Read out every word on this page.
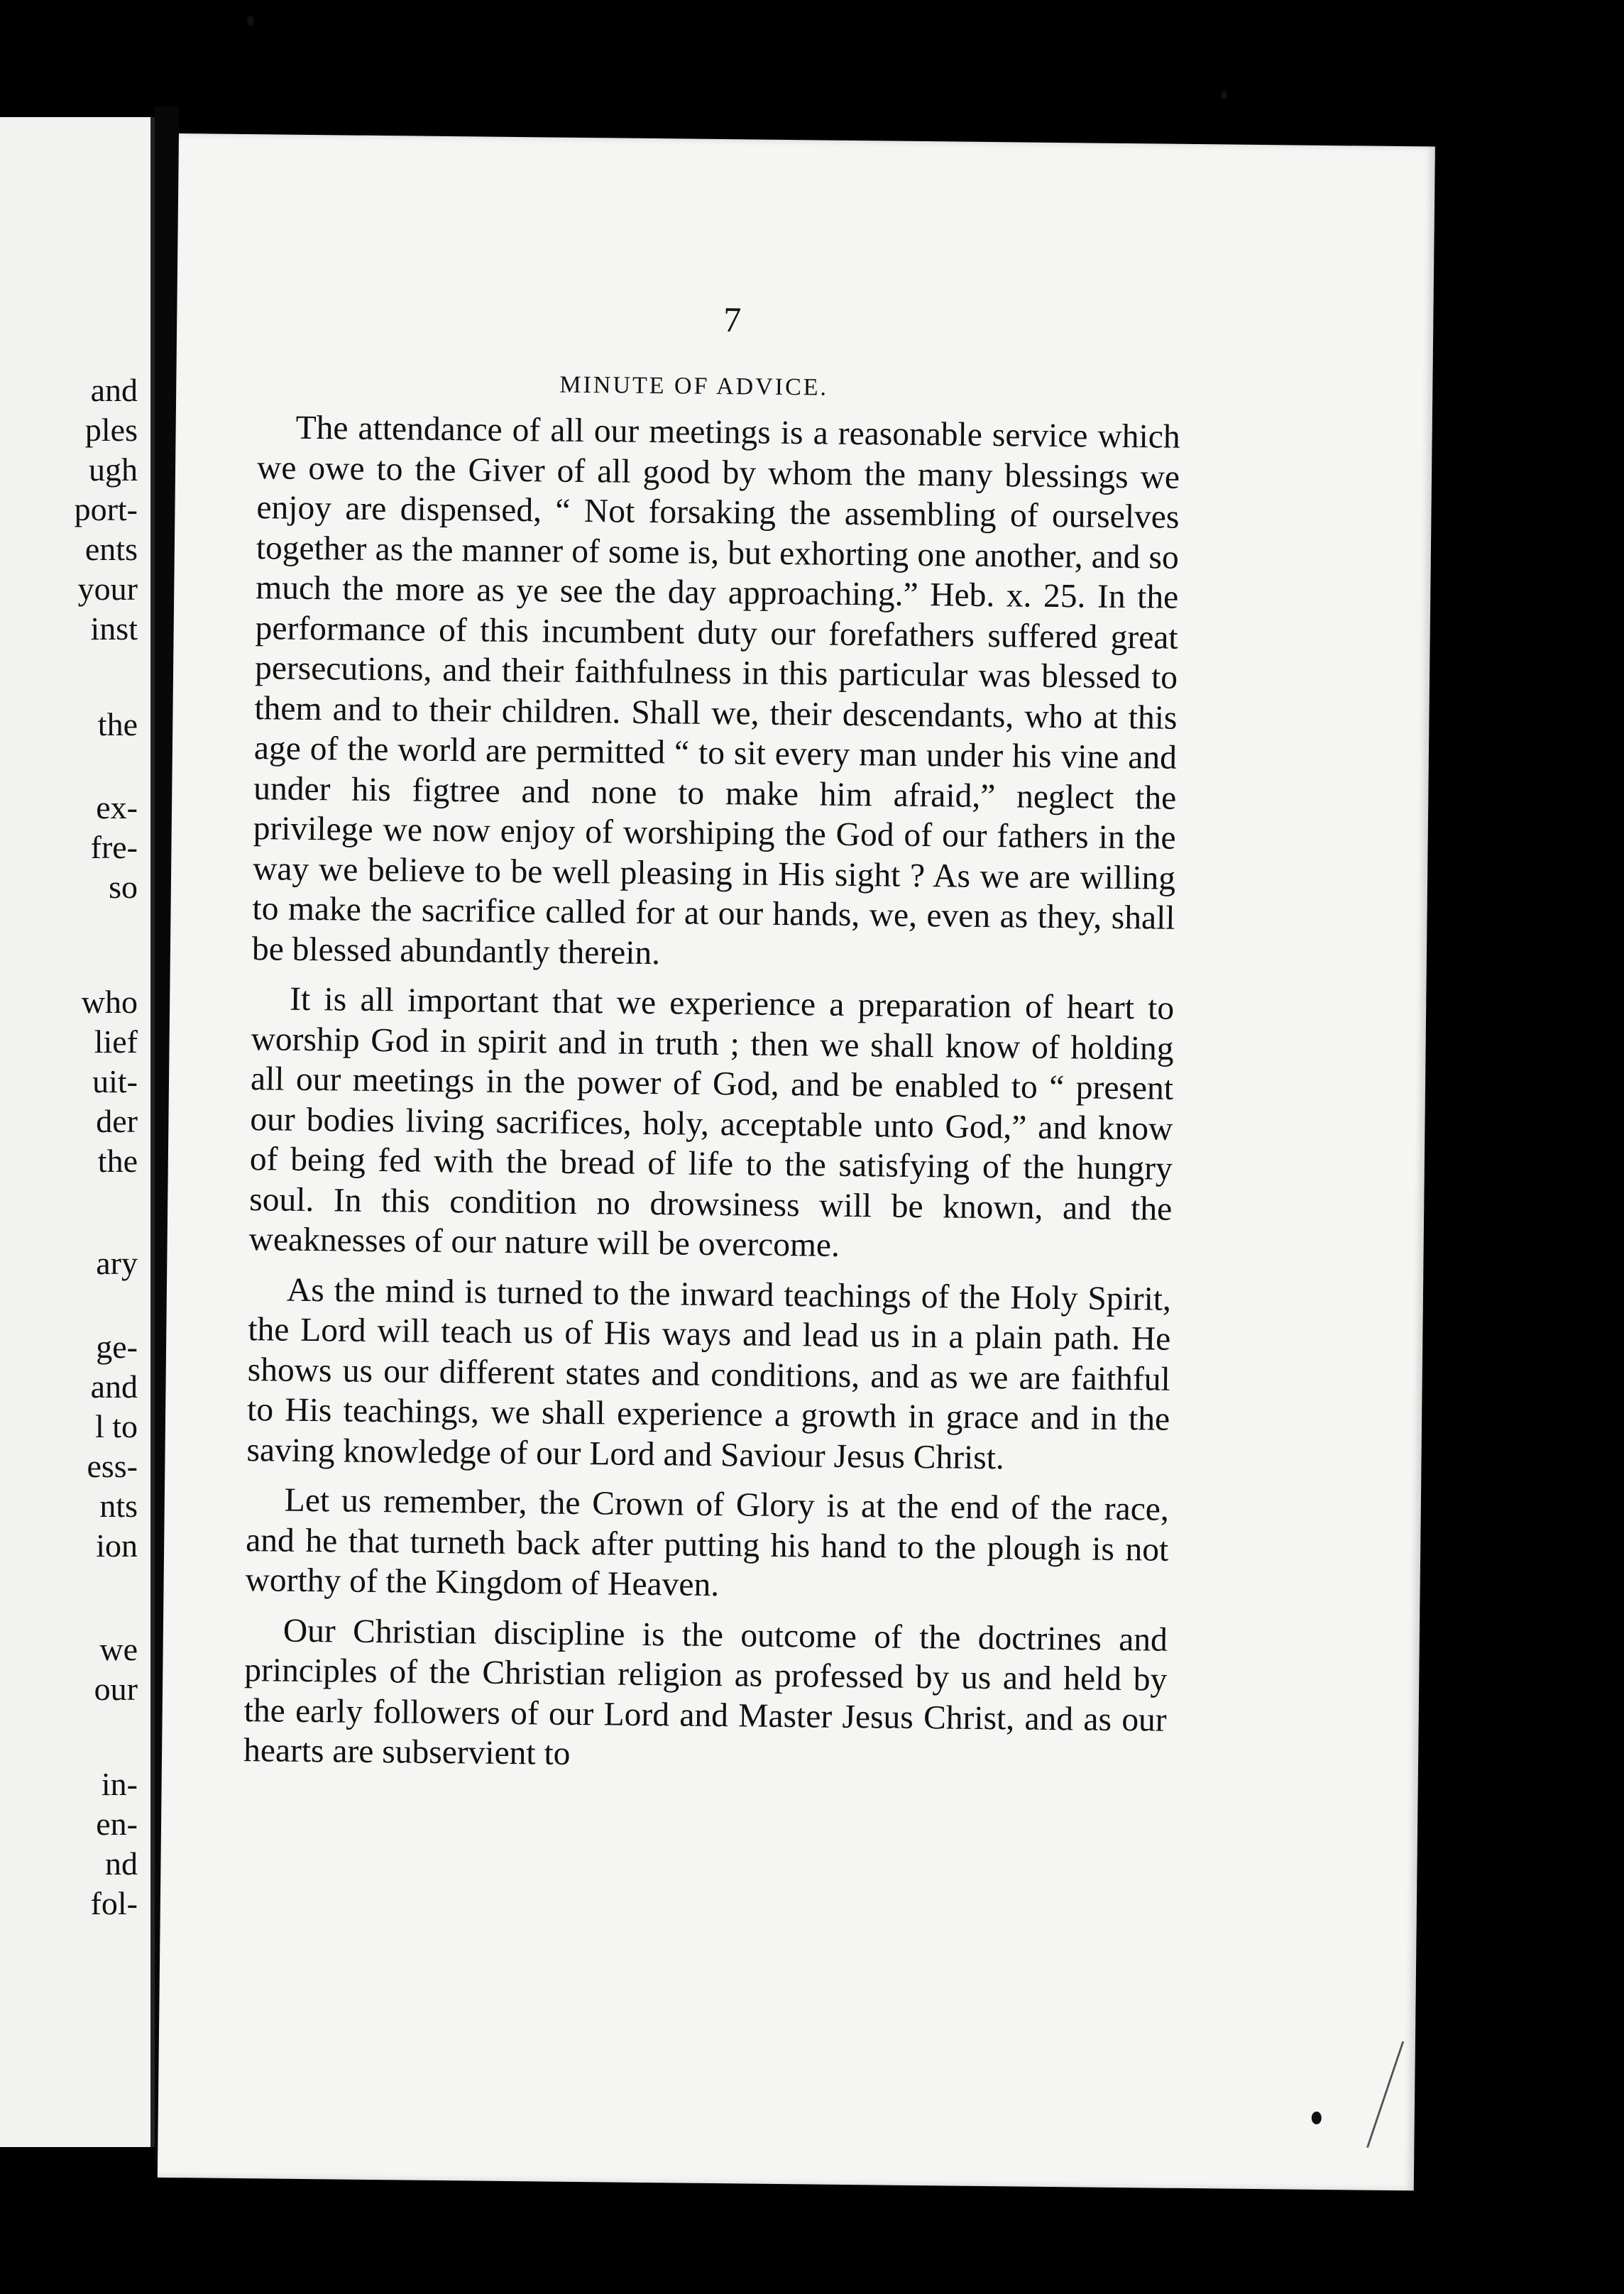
and
ples
ugh
port-
ents
your
inst
the
ex-
fre-
so
who
lief
uit-
der
the
ary
ge-
and
l to
ess-
nts
ion
we
our
in-
en-
nd
fol-
7
MINUTE OF ADVICE.

The attendance of all our meetings is a reasonable service which we owe to the Giver of all good by whom the many blessings we enjoy are dispensed, “ Not forsaking the assembling of ourselves together as the manner of some is, but exhorting one another, and so much the more as ye see the day approaching.” Heb. x. 25. In the performance of this incumbent duty our forefathers suffered great persecutions, and their faithfulness in this particular was blessed to them and to their children. Shall we, their descendants, who at this age of the world are permitted “ to sit every man under his vine and under his figtree and none to make him afraid,” neglect the privilege we now enjoy of worshiping the God of our fathers in the way we believe to be well pleasing in His sight ? As we are willing to make the sacrifice called for at our hands, we, even as they, shall be blessed abundantly therein.

It is all important that we experience a preparation of heart to worship God in spirit and in truth ; then we shall know of holding all our meetings in the power of God, and be enabled to “ present our bodies living sacrifices, holy, acceptable unto God,” and know of being fed with the bread of life to the satisfying of the hungry soul. In this condition no drowsiness will be known, and the weaknesses of our nature will be overcome.

As the mind is turned to the inward teachings of the Holy Spirit, the Lord will teach us of His ways and lead us in a plain path. He shows us our different states and conditions, and as we are faithful to His teachings, we shall experience a growth in grace and in the saving knowledge of our Lord and Saviour Jesus Christ.

Let us remember, the Crown of Glory is at the end of the race, and he that turneth back after putting his hand to the plough is not worthy of the Kingdom of Heaven.

Our Christian discipline is the outcome of the doctrines and principles of the Christian religion as professed by us and held by the early followers of our Lord and Master Jesus Christ, and as our hearts are subservient to
